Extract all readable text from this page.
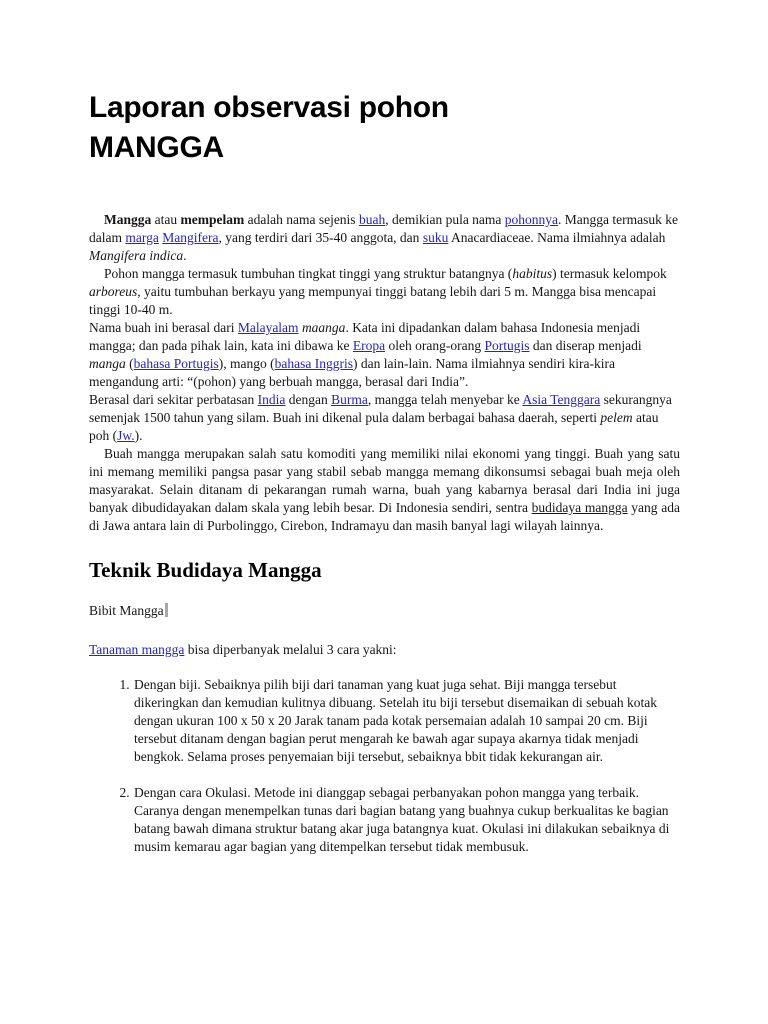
Laporan observasi pohon MANGGA

Mangga atau mempelam adalah nama sejenis buah, demikian pula nama pohonnya. Mangga termasuk ke dalam marga Mangifera, yang terdiri dari 35-40 anggota, dan suku Anacardiaceae. Nama ilmiahnya adalah Mangifera indica.

Pohon mangga termasuk tumbuhan tingkat tinggi yang struktur batangnya (habitus) termasuk kelompok arboreus, yaitu tumbuhan berkayu yang mempunyai tinggi batang lebih dari 5 m. Mangga bisa mencapai tinggi 10-40 m.

Nama buah ini berasal dari Malayalam maanga. Kata ini dipadankan dalam bahasa Indonesia menjadi mangga; dan pada pihak lain, kata ini dibawa ke Eropa oleh orang-orang Portugis dan diserap menjadi manga (bahasa Portugis), mango (bahasa Inggris) dan lain-lain. Nama ilmiahnya sendiri kira-kira mengandung arti: “(pohon) yang berbuah mangga, berasal dari India”.

Berasal dari sekitar perbatasan India dengan Burma, mangga telah menyebar ke Asia Tenggara sekurangnya semenjak 1500 tahun yang silam. Buah ini dikenal pula dalam berbagai bahasa daerah, seperti pelem atau poh (Jw.).

Buah mangga merupakan salah satu komoditi yang memiliki nilai ekonomi yang tinggi. Buah yang satu ini memang memiliki pangsa pasar yang stabil sebab mangga memang dikonsumsi sebagai buah meja oleh masyarakat. Selain ditanam di pekarangan rumah warna, buah yang kabarnya berasal dari India ini juga banyak dibudidayakan dalam skala yang lebih besar. Di Indonesia sendiri, sentra budidaya mangga yang ada di Jawa antara lain di Purbolinggo, Cirebon, Indramayu dan masih banyal lagi wilayah lainnya.

Teknik Budidaya Mangga

Bibit Mangga

Tanaman mangga bisa diperbanyak melalui 3 cara yakni:

1. Dengan biji. Sebaiknya pilih biji dari tanaman yang kuat juga sehat. Biji mangga tersebut dikeringkan dan kemudian kulitnya dibuang. Setelah itu biji tersebut disemaikan di sebuah kotak dengan ukuran 100 x 50 x 20 Jarak tanam pada kotak persemaian adalah 10 sampai 20 cm. Biji tersebut ditanam dengan bagian perut mengarah ke bawah agar supaya akarnya tidak menjadi bengkok. Selama proses penyemaian biji tersebut, sebaiknya bbit tidak kekurangan air.
2. Dengan cara Okulasi. Metode ini dianggap sebagai perbanyakan pohon mangga yang terbaik. Caranya dengan menempelkan tunas dari bagian batang yang buahnya cukup berkualitas ke bagian batang bawah dimana struktur batang akar juga batangnya kuat. Okulasi ini dilakukan sebaiknya di musim kemarau agar bagian yang ditempelkan tersebut tidak membusuk.
